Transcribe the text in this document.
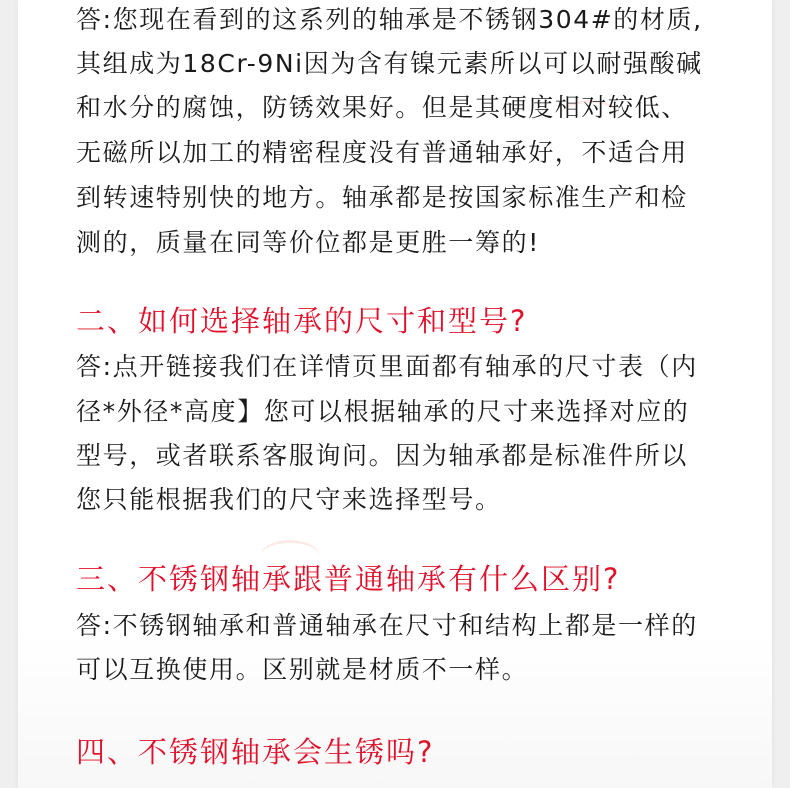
答:您现在看到的这系列的轴承是不锈钢304#的材质,
其组成为18Cr-9Ni因为含有镍元素所以可以耐强酸碱
和水分的腐蚀，防锈效果好。但是其硬度相对较低、
无磁所以加工的精密程度没有普通轴承好，不适合用
到转速特别快的地方。轴承都是按国家标准生产和检
测的，质量在同等价位都是更胜一筹的!
二、如何选择轴承的尺寸和型号?
答:点开链接我们在详情页里面都有轴承的尺寸表（内
径*外径*高度】您可以根据轴承的尺寸来选择对应的
型号，或者联系客服询问。因为轴承都是标准件所以
您只能根据我们的尺守来选择型号。
三、不锈钢轴承跟普通轴承有什么区别?
答:不锈钢轴承和普通轴承在尺寸和结构上都是一样的
可以互换使用。区别就是材质不一样。
四、不锈钢轴承会生锈吗?
